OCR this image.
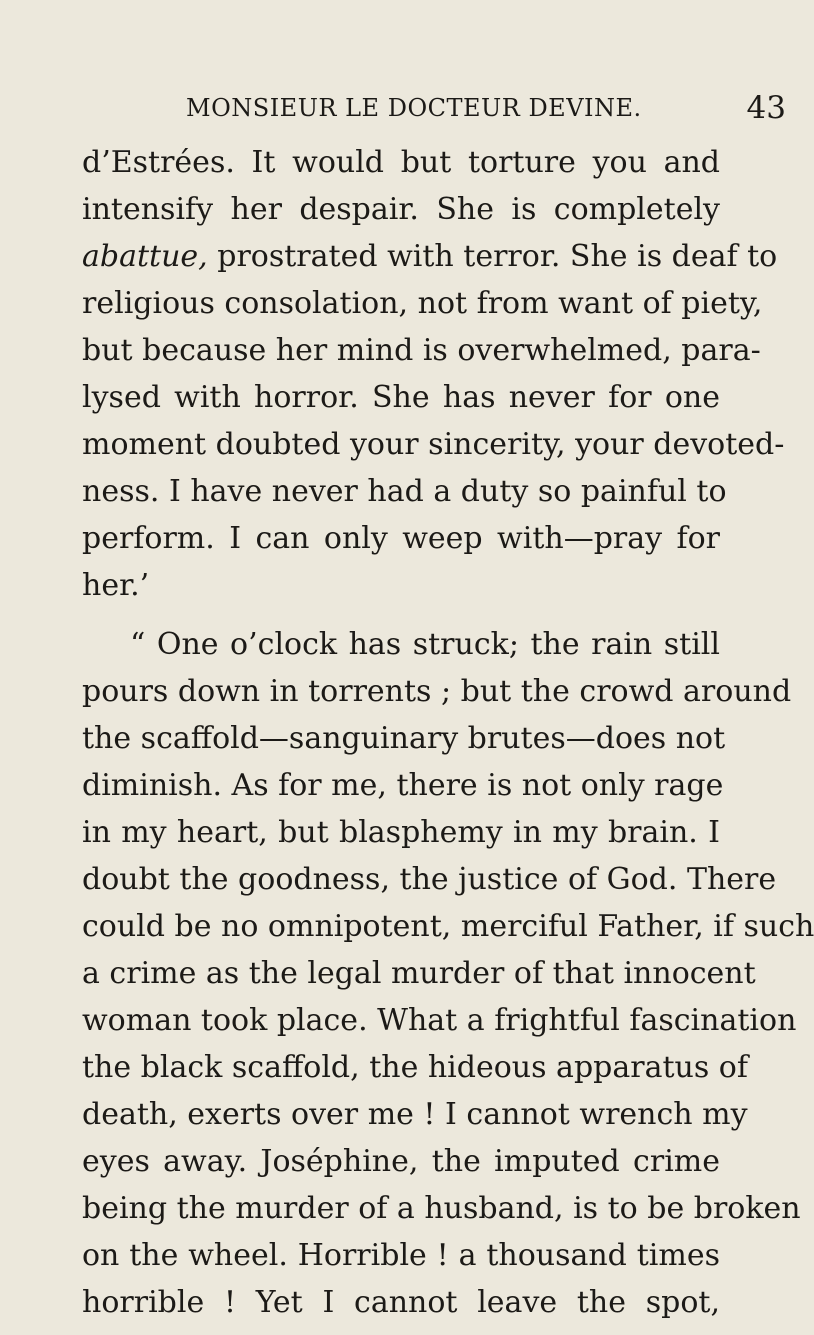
MONSIEUR LE DOCTEUR DEVINE.	43
d’Estrées. It would but torture you and
intensify her despair. She is completely
abattue, prostrated with terror. She is deaf to
religious consolation, not from want of piety,
but because her mind is overwhelmed, para-
lysed with horror. She has never for one
moment doubted your sincerity, your devoted-
ness. I have never had a duty so painful to
perform. I can only weep with—pray for
her.’
“ One o’clock has struck; the rain still
pours down in torrents ; but the crowd around
the scaffold—sanguinary brutes—does not
diminish. As for me, there is not only rage
in my heart, but blasphemy in my brain. I
doubt the goodness, the justice of God. There
could be no omnipotent, merciful Father, if such
a crime as the legal murder of that innocent
woman took place. What a frightful fascination
the black scaffold, the hideous apparatus of
death, exerts over me ! I cannot wrench my
eyes away. Joséphine, the imputed crime
being the murder of a husband, is to be broken
on the wheel. Horrible ! a thousand times
horrible ! Yet I cannot leave the spot,
